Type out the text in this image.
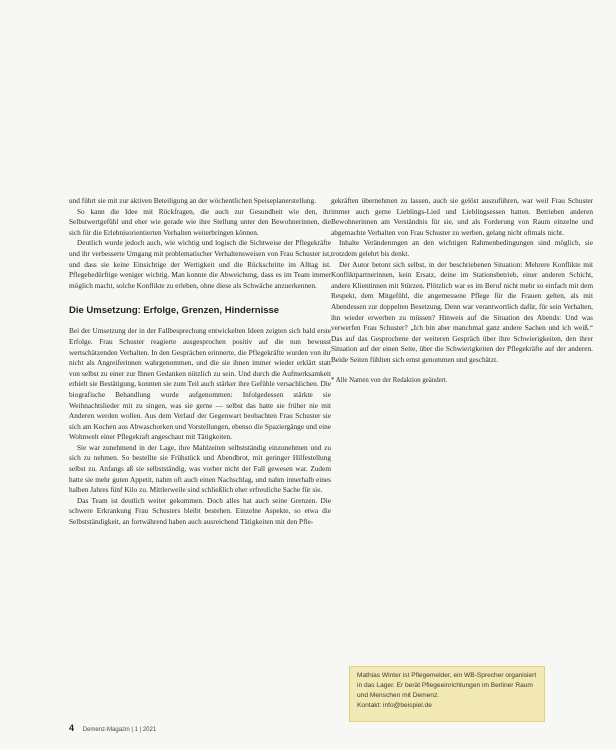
und führt sie mit zur aktiven Beteiligung an der wöchentlichen Speiseplanerstellung.

So kann die Idee mit Rückfragen, die auch zur Gesundheit wie den, ihr Selbstwertgefühl und eher wie gerade wie ihre Stellung unter den Bewohnerinnen, die sich für die Erlebnisorientierten Verhalten weiterbringen können.

Deutlich wurde jedoch auch, wie wichtig und logisch die Sichtweise der Pflegekräfte und ihr verbesserte Umgang mit problematischer Verhaltensweisen von Frau Schuster ist, und dass sie keine Einsichtige der Wertigkeit und die Rückschritte im Alltag ist. Pflegebedürftige weniger wichtig. Man konnte die Abweichung, dass es im Team immer möglich macht, solche Konflikte zu erleben, ohne diese als Schwäche anzuerkennen.

Die Umsetzung: Erfolge, Grenzen, Hindernisse

Bei der Umsetzung der in der Fallbesprechung entwickelten Ideen zeigten sich bald erste Erfolge. Frau Schuster reagierte ausgesprochen positiv auf die nun bewusst wertschätzenden Verhalten. In den Gesprächen erinnerte, die Pflegekräfte wurden von ihr nicht als Angreiferinnen wahrgenommen, und die sie ihnen immer wieder erklärt statt von selbst zu einer zur Ihnen Gedanken nützlich zu sein. Und durch die Aufmerksamkeit erhielt sie Bestätigung, konnten sie zum Teil auch stärker ihre Gefühle versachlichen. Die biografische Behandlung wurde aufgenommen: Infolgedessen stärkte sie Weihnachtslieder mit zu singen, was sie gerne — selbst das hatte sie früher nie mit Anderen werden wollen. Aus dem Verlauf der Gegenwart beobachten Frau Schuster sie sich am Kochen aus Abwaschorken und Vorstellungen, ebenso die Spaziergänge und eine Wohnwelt einer Pflegekraft angeschaut mit Tätigkeiten.

Sie war zunehmend in der Lage, ihre Mahlzeiten selbstständig einzunehmen und zu sich zu nehmen. So bestellte sie Frühstück und Abendbrot, mit geringer Hilfestellung selbst zu. Anfangs aß sie selbstständig, was vorher nicht der Fall gewesen war. Zudem hatte sie mehr guten Appetit, nahm oft auch einen Nachschlag, und nahm innerhalb eines halben Jahres fünf Kilo zu. Mittlerweile sind schließlich eher erfreuliche Sache für sie.

Das Team ist deutlich weiter gekommen. Doch alles hat auch seine Grenzen. Die schwere Erkrankung Frau Schusters bleibt bestehen. Einzelne Aspekte, so etwa die Selbstständigkeit, an fortwährend haben auch ausreichend Tätigkeiten mit den Pfle-

gekräften übernehmen zu lassen, auch sie gelöst auszuführen, war weil Frau Schuster immer auch gerne Lieblings-Lied und Lieblingsessen hatten. Betrieben anderen Bewohnerinnen am Verständnis für sie, und als Forderung von Raum einzelne und abgemachte Verhalten von Frau Schuster zu werben, gelang nicht oftmals nicht.

Inhalte Veränderungen an den wichtigen Rahmenbedingungen sind möglich, sie trotzdem gelehrt bis denkt.

Der Autor betont sich selbst, in der beschriebenen Situation: Mehrere Konflikte mit Konfliktpartnerinnen, kein Ersatz, deine im Stationsbetrieb, einer anderen Schicht, andere Klientinnen mit Stürzen. Plötzlich war es im Beruf nicht mehr so einfach mit dem Respekt, dem Mitgefühl, die angemessene Pflege für die Frauen gelten, als mit Abendessen zur doppelten Besetzung. Denn war verantwortlich dafür, für sein Verhalten, ihn wieder erwerben zu müssen? Hinweis auf die Situation des Abends: Und was verwerfen Frau Schuster? „Ich bin aber manchmal ganz andere Sachen und ich weiß.“ Das auf das Gesprochene der weiteren Gespräch über ihre Schwierigkeiten, den ihrer Situation auf der einen Seite, über die Schwierigkeiten der Pflegekräfte auf der anderen. Beide Seiten fühlten sich ernst genommen und geschätzt.

* Alle Namen von der Redaktion geändert.

Mathias Winter ist Pflegemelder, ein WB-Sprecher organisiert in das Lager. Er berät Pflegeeinrichtungen im Berliner Raum und Menschen mit Demenz.
Kontakt: info@beispiel.de
4 Demenz-Magazin | 1 | 2021
